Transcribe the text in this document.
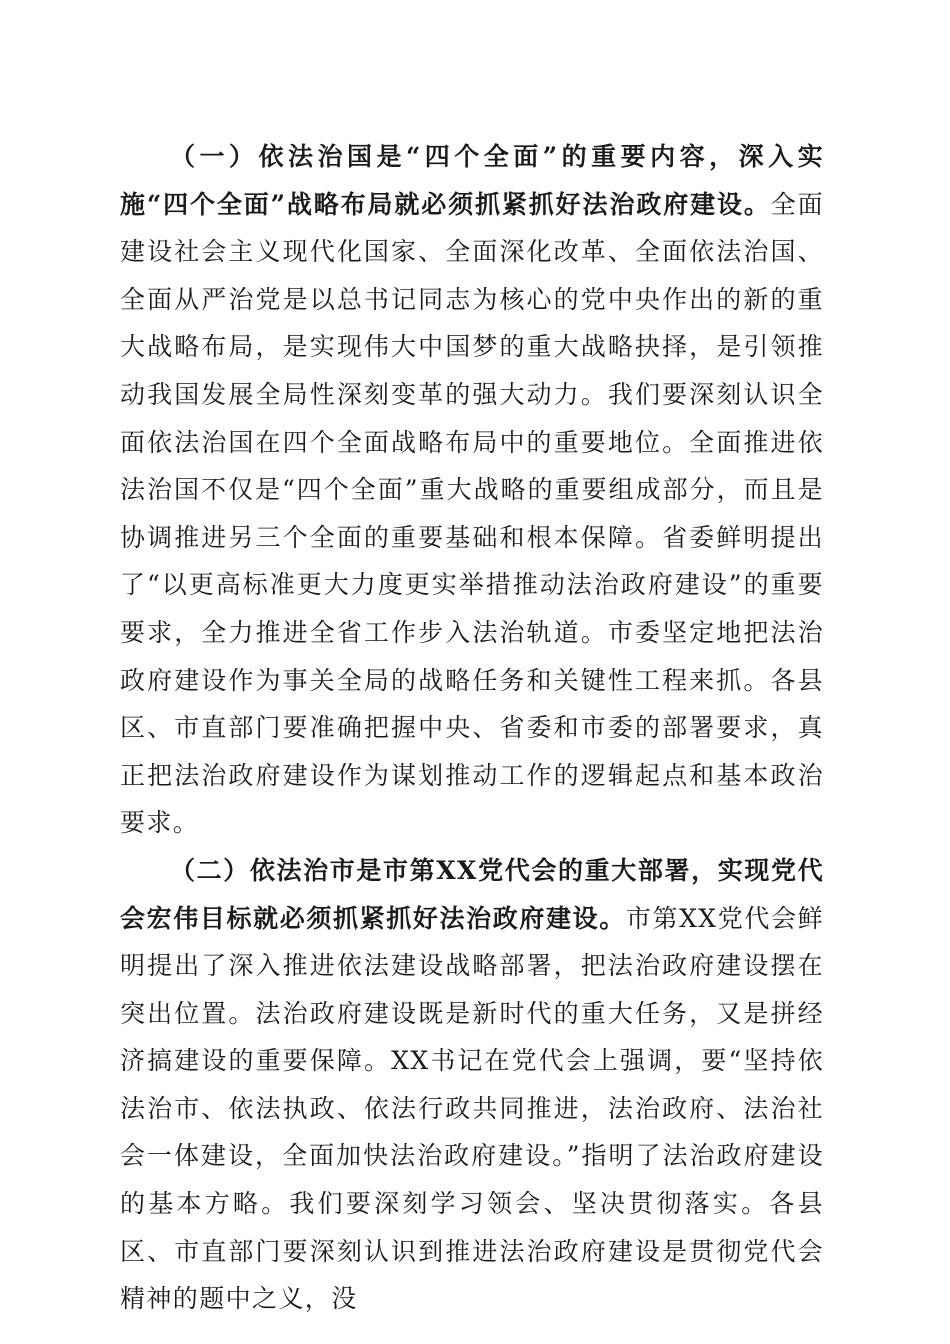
（一）依法治国是“四个全面”的重要内容，深入实施“四个全面”战略布局就必须抓紧抓好法治政府建设。全面建设社会主义现代化国家、全面深化改革、全面依法治国、全面从严治党是以总书记同志为核心的党中央作出的新的重大战略布局，是实现伟大中国梦的重大战略抉择，是引领推动我国发展全局性深刻变革的强大动力。我们要深刻认识全面依法治国在四个全面战略布局中的重要地位。全面推进依法治国不仅是“四个全面”重大战略的重要组成部分，而且是协调推进另三个全面的重要基础和根本保障。省委鲜明提出了“以更高标准更大力度更实举措推动法治政府建设”的重要要求，全力推进全省工作步入法治轨道。市委坚定地把法治政府建设作为事关全局的战略任务和关键性工程来抓。各县区、市直部门要准确把握中央、省委和市委的部署要求，真正把法治政府建设作为谋划推动工作的逻辑起点和基本政治要求。

（二）依法治市是市第XX党代会的重大部署，实现党代会宏伟目标就必须抓紧抓好法治政府建设。市第XX党代会鲜明提出了深入推进依法建设战略部署，把法治政府建设摆在突出位置。法治政府建设既是新时代的重大任务，又是拼经济搞建设的重要保障。XX书记在党代会上强调，要“坚持依法治市、依法执政、依法行政共同推进，法治政府、法治社会一体建设，全面加快法治政府建设。”指明了法治政府建设的基本方略。我们要深刻学习领会、坚决贯彻落实。各县区、市直部门要深刻认识到推进法治政府建设是贯彻党代会精神的题中之义，没
